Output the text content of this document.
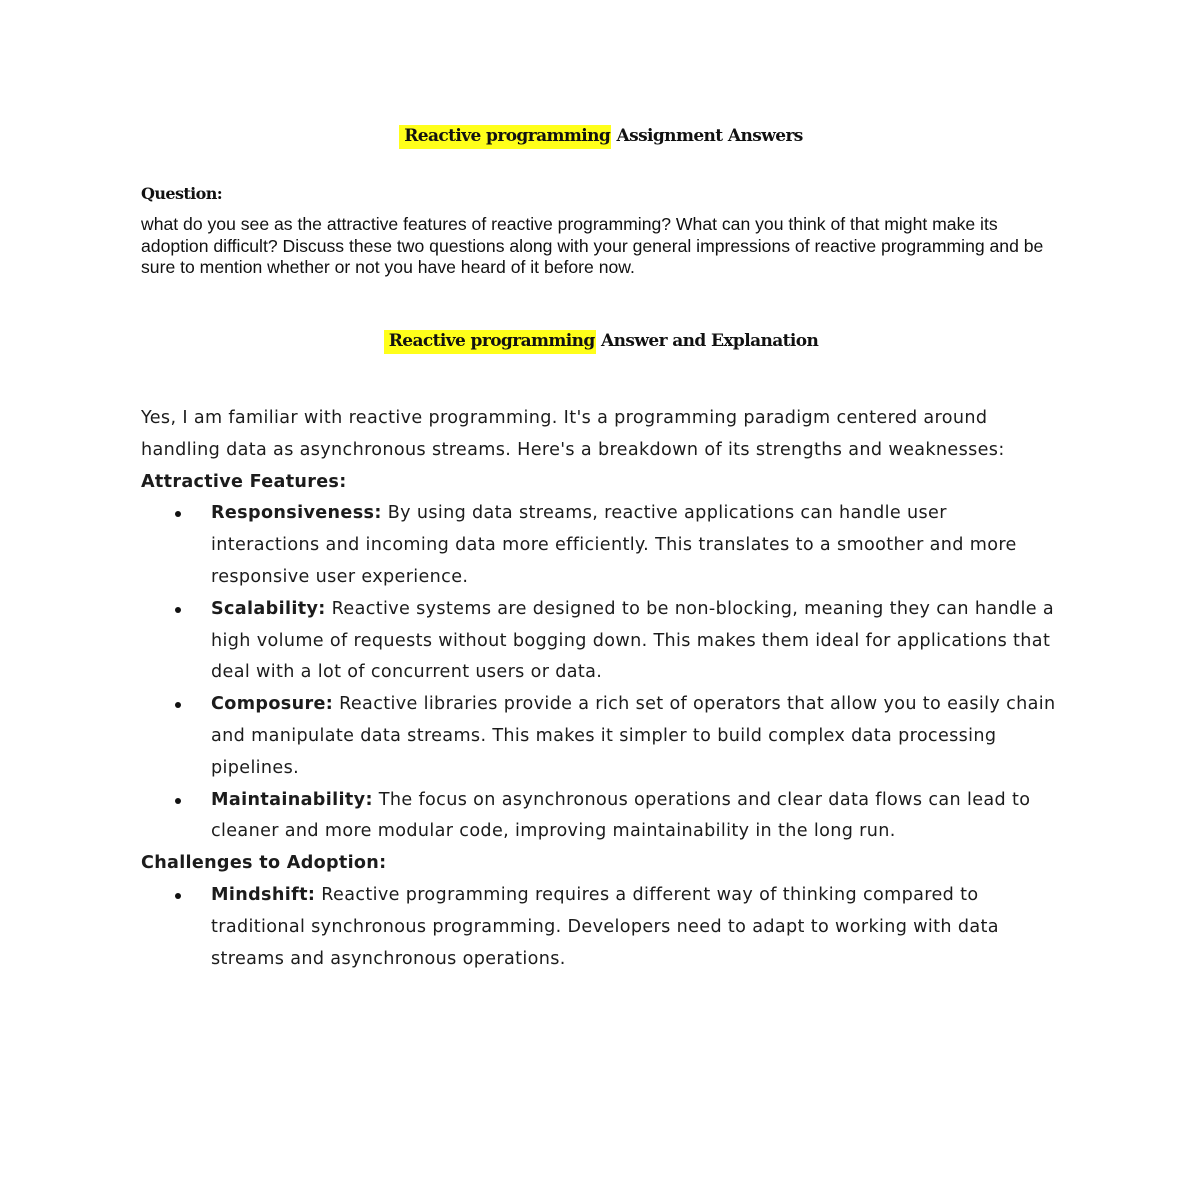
Reactive programming Assignment Answers
Question:
what do you see as the attractive features of reactive programming? What can you think of that might make its adoption difficult? Discuss these two questions along with your general impressions of reactive programming and be sure to mention whether or not you have heard of it before now.
Reactive programming Answer and Explanation

Yes, I am familiar with reactive programming. It's a programming paradigm centered around handling data as asynchronous streams. Here's a breakdown of its strengths and weaknesses:

Attractive Features:

Responsiveness: By using data streams, reactive applications can handle user interactions and incoming data more efficiently. This translates to a smoother and more responsive user experience.
Scalability: Reactive systems are designed to be non-blocking, meaning they can handle a high volume of requests without bogging down. This makes them ideal for applications that deal with a lot of concurrent users or data.
Composure: Reactive libraries provide a rich set of operators that allow you to easily chain and manipulate data streams. This makes it simpler to build complex data processing pipelines.
Maintainability: The focus on asynchronous operations and clear data flows can lead to cleaner and more modular code, improving maintainability in the long run.

Challenges to Adoption:

Mindshift: Reactive programming requires a different way of thinking compared to traditional synchronous programming. Developers need to adapt to working with data streams and asynchronous operations.
